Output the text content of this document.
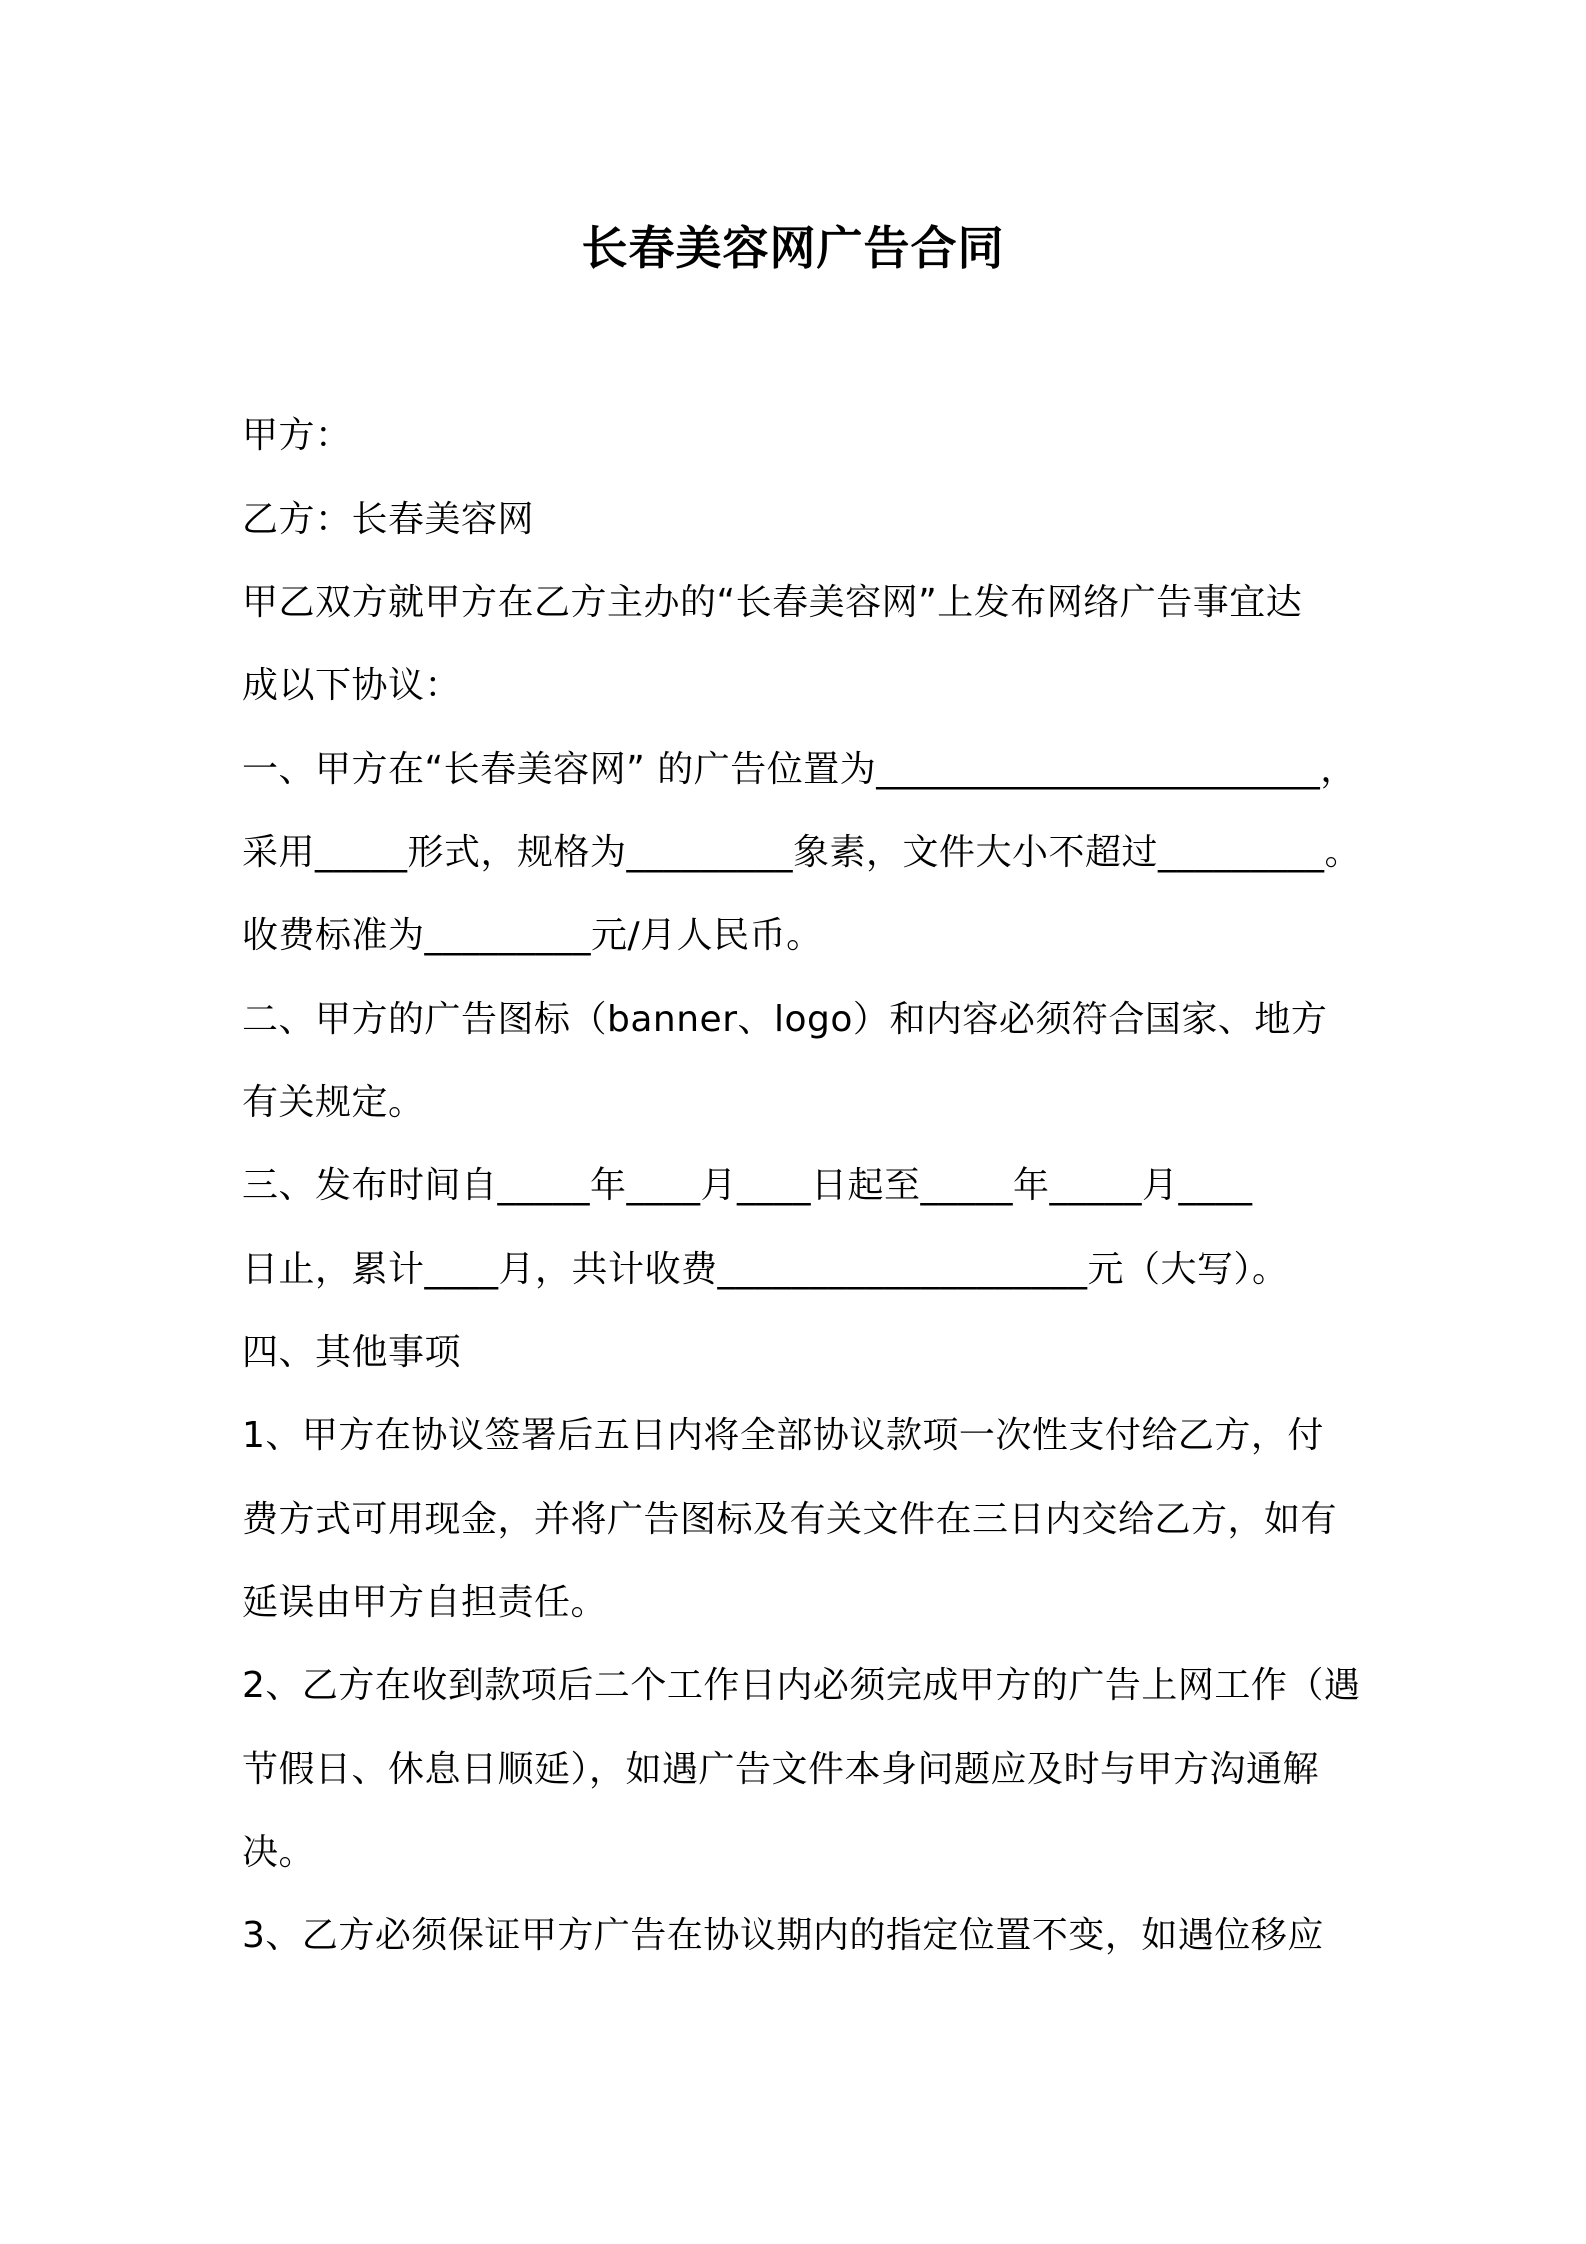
长春美容网广告合同
甲方：
乙方：长春美容网
甲乙双方就甲方在乙方主办的“长春美容网”上发布网络广告事宜达
成以下协议：
一、甲方在“长春美容网” 的广告位置为________________________，
采用_____形式，规格为_________象素，文件大小不超过_________。
收费标准为_________元/月人民币。
二、甲方的广告图标（banner、logo）和内容必须符合国家、地方
有关规定。
三、发布时间自_____年____月____日起至_____年_____月____
日止，累计____月，共计收费____________________元（大写）。
四、其他事项
1、甲方在协议签署后五日内将全部协议款项一次性支付给乙方，付
费方式可用现金，并将广告图标及有关文件在三日内交给乙方，如有
延误由甲方自担责任。
2、乙方在收到款项后二个工作日内必须完成甲方的广告上网工作（遇
节假日、休息日顺延），如遇广告文件本身问题应及时与甲方沟通解
决。
3、乙方必须保证甲方广告在协议期内的指定位置不变，如遇位移应
